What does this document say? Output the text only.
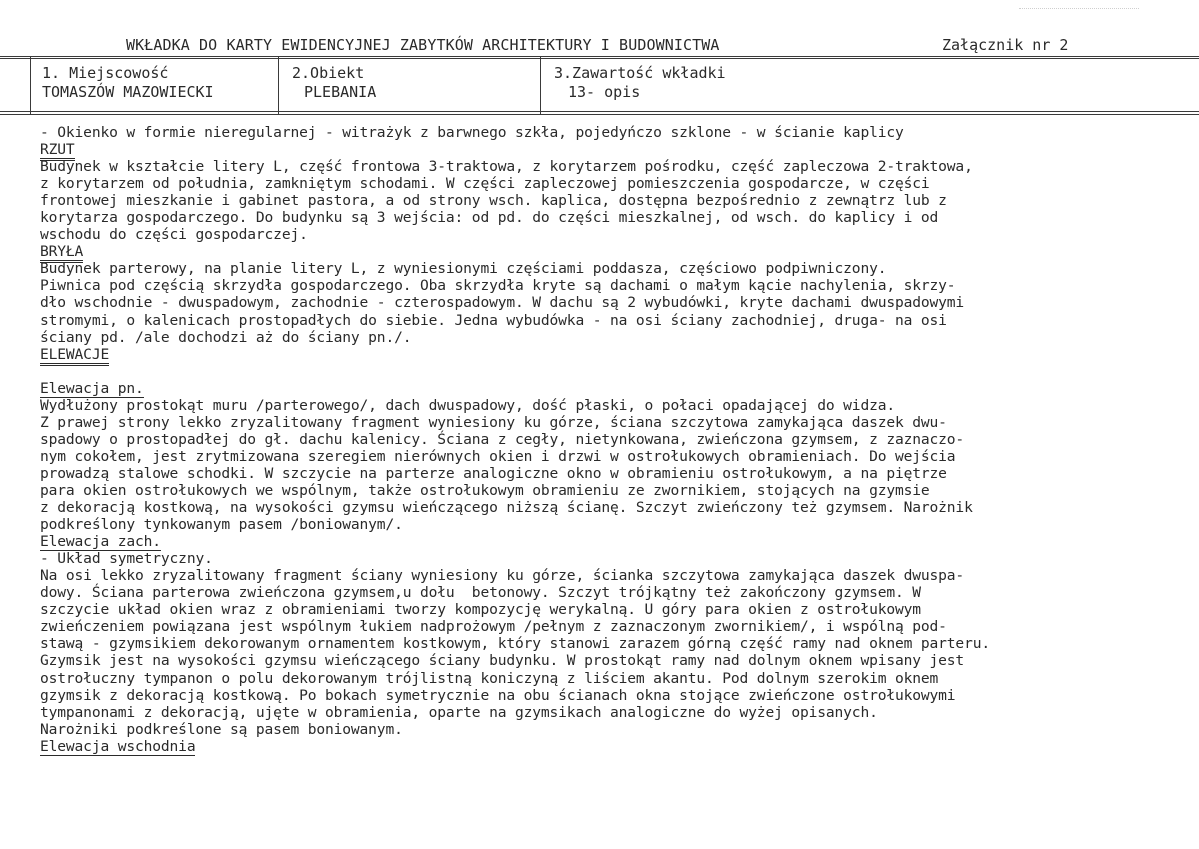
WKŁADKA DO KARTY EWIDENCYJNEJ ZABYTKÓW ARCHITEKTURY I BUDOWNICTWA	Załącznik nr 2
1. Miejscowość
TOMASZÓW MAZOWIECKI
2.Obiekt
PLEBANIA
3.Zawartość wkładki
13- opis
- Okienko w formie nieregularnej - witrażyk z barwnego szkła, pojedyńczo szklone - w ścianie kaplicy
RZUT
Budynek w kształcie litery L, część frontowa 3-traktowa, z korytarzem pośrodku, część zapleczowa 2-traktowa,
z korytarzem od południa, zamkniętym schodami. W części zapleczowej pomieszczenia gospodarcze, w części
frontowej mieszkanie i gabinet pastora, a od strony wsch. kaplica, dostępna bezpośrednio z zewnątrz lub z
korytarza gospodarczego. Do budynku są 3 wejścia: od pd. do części mieszkalnej, od wsch. do kaplicy i od
wschodu do części gospodarczej.
BRYŁA
Budynek parterowy, na planie litery L, z wyniesionymi częściami poddasza, częściowo podpiwniczony.
Piwnica pod częścią skrzydła gospodarczego. Oba skrzydła kryte są dachami o małym kącie nachylenia, skrzy-
dło wschodnie - dwuspadowym, zachodnie - czterospadowym. W dachu są 2 wybudówki, kryte dachami dwuspadowymi
stromymi, o kalenicach prostopadłych do siebie. Jedna wybudówka - na osi ściany zachodniej, druga- na osi
ściany pd. /ale dochodzi aż do ściany pn./.
ELEWACJE
Elewacja pn.
Wydłużony prostokąt muru /parterowego/, dach dwuspadowy, dość płaski, o połaci opadającej do widza.
Z prawej strony lekko zryzalitowany fragment wyniesiony ku górze, ściana szczytowa zamykająca daszek dwu-
spadowy o prostopadłej do gł. dachu kalenicy. Ściana z cegły, nietynkowana, zwieńczona gzymsem, z zaznaczo-
nym cokołem, jest zrytmizowana szeregiem nierównych okien i drzwi w ostrołukowych obramieniach. Do wejścia
prowadzą stalowe schodki. W szczycie na parterze analogiczne okno w obramieniu ostrołukowym, a na piętrze
para okien ostrołukowych we wspólnym, także ostrołukowym obramieniu ze zwornikiem, stojących na gzymsie
z dekoracją kostkową, na wysokości gzymsu wieńczącego niższą ścianę. Szczyt zwieńczony też gzymsem. Narożnik
podkreślony tynkowanym pasem /boniowanym/.
Elewacja zach.
- Układ symetryczny.
Na osi lekko zryzalitowany fragment ściany wyniesiony ku górze, ścianka szczytowa zamykająca daszek dwuspa-
dowy. Ściana parterowa zwieńczona gzymsem,u dołu  betonowy. Szczyt trójkątny też zakończony gzymsem. W
szczycie układ okien wraz z obramieniami tworzy kompozycję werykalną. U góry para okien z ostrołukowym
zwieńczeniem powiązana jest wspólnym łukiem nadprożowym /pełnym z zaznaczonym zwornikiem/, i wspólną pod-
stawą - gzymsikiem dekorowanym ornamentem kostkowym, który stanowi zarazem górną część ramy nad oknem parteru.
Gzymsik jest na wysokości gzymsu wieńczącego ściany budynku. W prostokąt ramy nad dolnym oknem wpisany jest
ostrołuczny tympanon o polu dekorowanym trójlistną koniczyną z liściem akantu. Pod dolnym szerokim oknem
gzymsik z dekoracją kostkową. Po bokach symetrycznie na obu ścianach okna stojące zwieńczone ostrołukowymi
tympanonami z dekoracją, ujęte w obramienia, oparte na gzymsikach analogiczne do wyżej opisanych.
Narożniki podkreślone są pasem boniowanym.
Elewacja wschodnia
